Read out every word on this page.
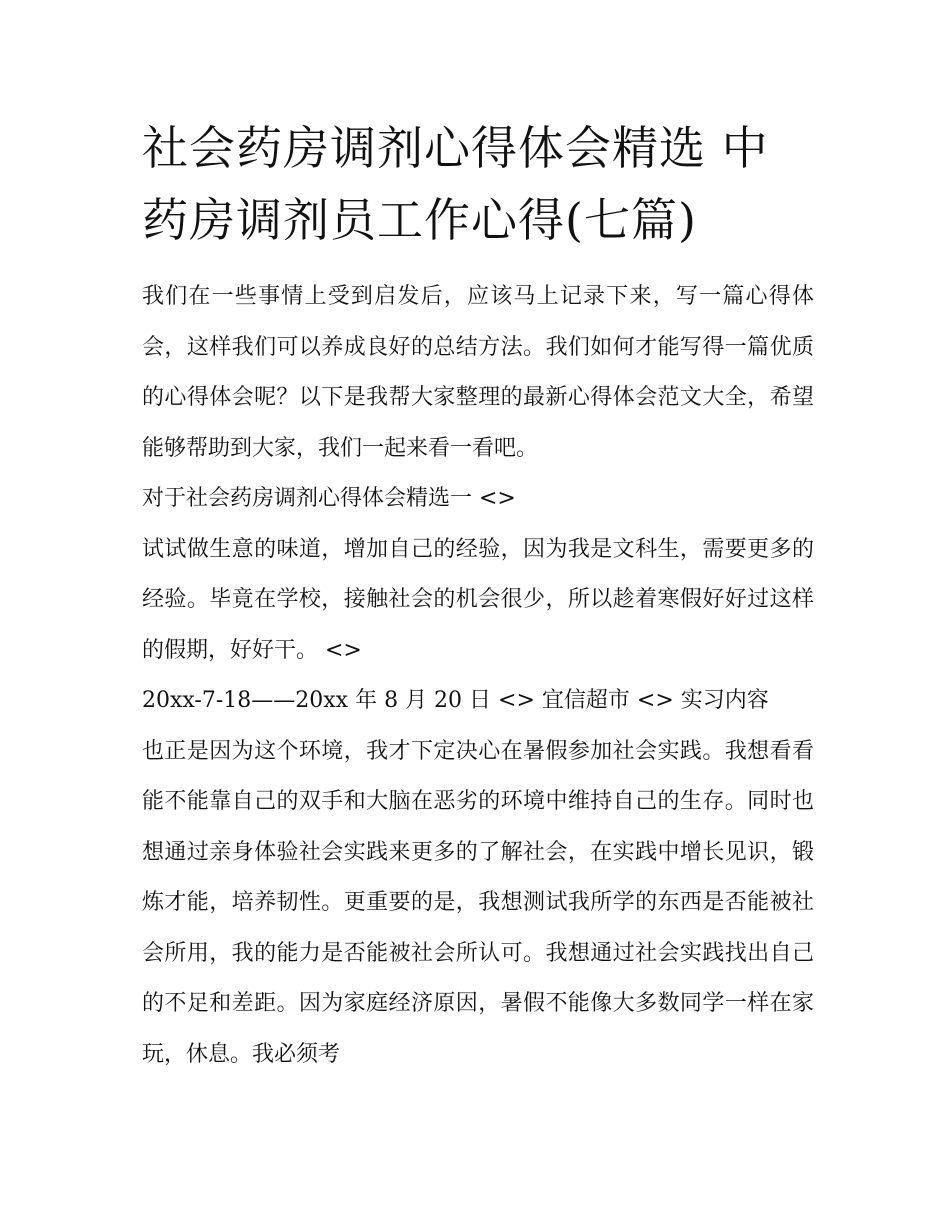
社会药房调剂心得体会精选 中药房调剂员工作心得(七篇)

我们在一些事情上受到启发后，应该马上记录下来，写一篇心得体会，这样我们可以养成良好的总结方法。我们如何才能写得一篇优质的心得体会呢？以下是我帮大家整理的最新心得体会范文大全，希望能够帮助到大家，我们一起来看一看吧。

对于社会药房调剂心得体会精选一 <>

试试做生意的味道，增加自己的经验，因为我是文科生，需要更多的经验。毕竟在学校，接触社会的机会很少，所以趁着寒假好好过这样的假期，好好干。 <>

20xx-7-18——20xx 年 8 月 20 日 <> 宜信超市 <> 实习内容

也正是因为这个环境，我才下定决心在暑假参加社会实践。我想看看能不能靠自己的双手和大脑在恶劣的环境中维持自己的生存。同时也想通过亲身体验社会实践来更多的了解社会，在实践中增长见识，锻炼才能，培养韧性。更重要的是，我想测试我所学的东西是否能被社会所用，我的能力是否能被社会所认可。我想通过社会实践找出自己的不足和差距。因为家庭经济原因，暑假不能像大多数同学一样在家玩，休息。我必须考
